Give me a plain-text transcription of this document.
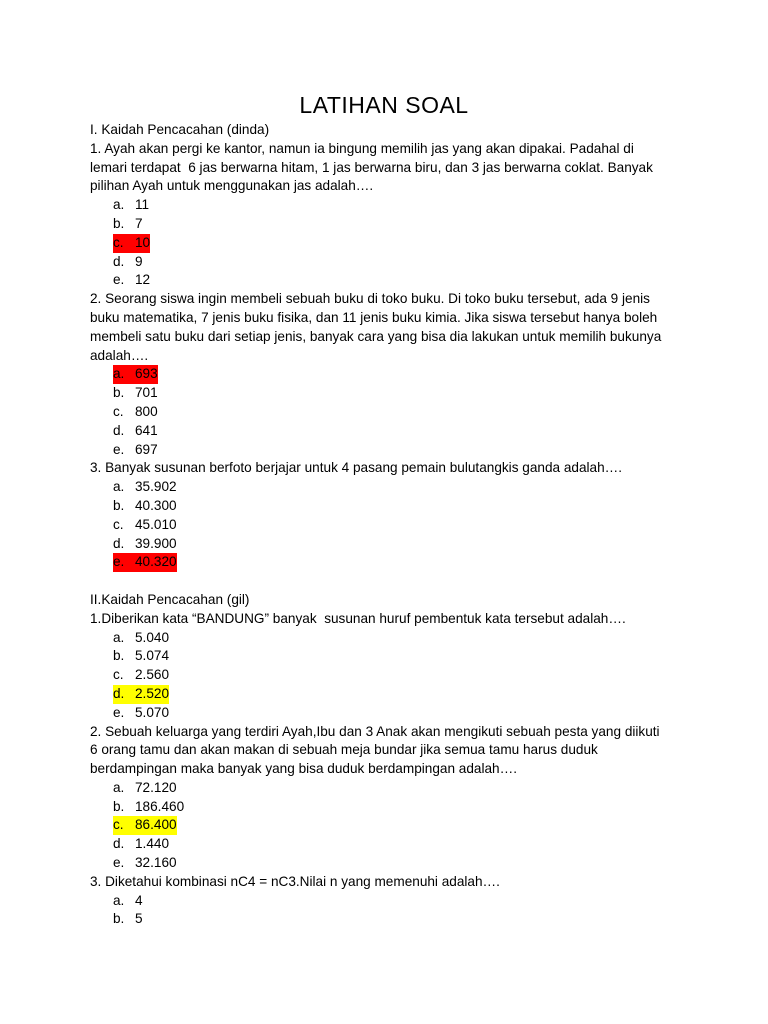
LATIHAN SOAL
I. Kaidah Pencacahan (dinda)
1. Ayah akan pergi ke kantor, namun ia bingung memilih jas yang akan dipakai. Padahal di
lemari terdapat  6 jas berwarna hitam, 1 jas berwarna biru, dan 3 jas berwarna coklat. Banyak
pilihan Ayah untuk menggunakan jas adalah….
a. 11
b. 7
c. 10
d. 9
e. 12
2. Seorang siswa ingin membeli sebuah buku di toko buku. Di toko buku tersebut, ada 9 jenis
buku matematika, 7 jenis buku fisika, dan 11 jenis buku kimia. Jika siswa tersebut hanya boleh
membeli satu buku dari setiap jenis, banyak cara yang bisa dia lakukan untuk memilih bukunya
adalah….
a. 693
b. 701
c. 800
d. 641
e. 697
3. Banyak susunan berfoto berjajar untuk 4 pasang pemain bulutangkis ganda adalah….
a. 35.902
b. 40.300
c. 45.010
d. 39.900
e. 40.320
II.Kaidah Pencacahan (gil)
1.Diberikan kata “BANDUNG” banyak  susunan huruf pembentuk kata tersebut adalah….
a. 5.040
b. 5.074
c. 2.560
d. 2.520
e. 5.070
2. Sebuah keluarga yang terdiri Ayah,Ibu dan 3 Anak akan mengikuti sebuah pesta yang diikuti
6 orang tamu dan akan makan di sebuah meja bundar jika semua tamu harus duduk
berdampingan maka banyak yang bisa duduk berdampingan adalah….
a. 72.120
b. 186.460
c. 86.400
d. 1.440
e. 32.160
3. Diketahui kombinasi nC4 = nC3.Nilai n yang memenuhi adalah….
a. 4
b. 5
